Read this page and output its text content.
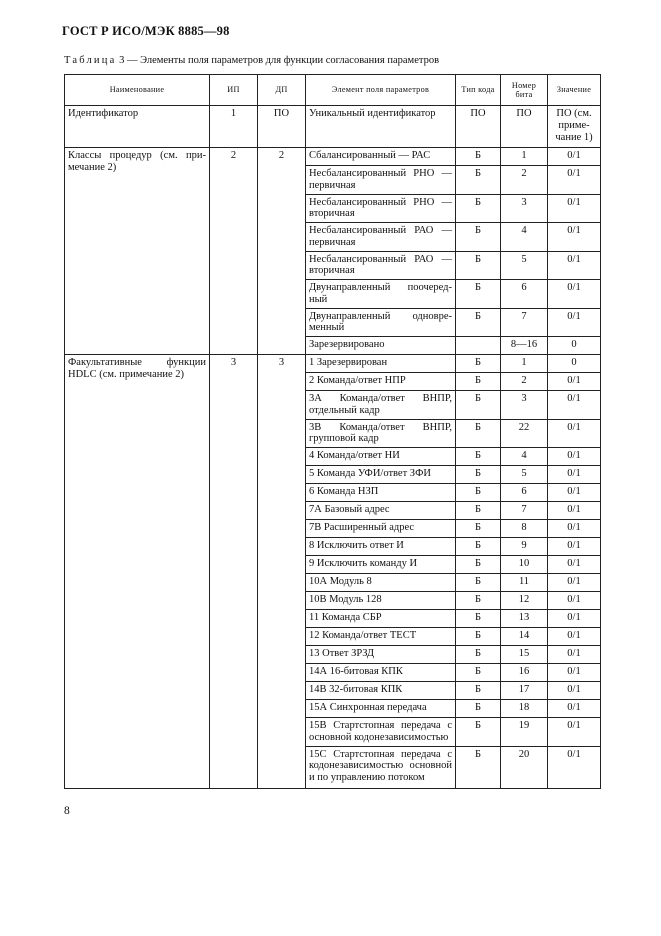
ГОСТ Р ИСО/МЭК 8885—98
Таблица 3 — Элементы поля параметров для функции согласования параметров
Наименование	ИП	ДП	Элемент поля параметров	Тип кода	Номер бита	Значение
Идентификатор	1	ПО	Уникальный идентификатор	ПО	ПО	ПО (см. примечание 1)
Классы процедур (см. примечание 2)	2	2	Сбалансированный — РАС	Б	1	0/1
			Несбалансированный РНО — первичная	Б	2	0/1
			Несбалансированный РНО — вторичная	Б	3	0/1
			Несбалансированный РАО — первичная	Б	4	0/1
			Несбалансированный РАО — вторичная	Б	5	0/1
			Двунаправленный поочередный	Б	6	0/1
			Двунаправленный одновременный	Б	7	0/1
			Зарезервировано		8—16	0
Факультативные функции HDLC (см. примечание 2)	3	3	1 Зарезервирован	Б	1	0
			2 Команда/ответ НПР	Б	2	0/1
			3А Команда/ответ ВНПР, отдельный кадр	Б	3	0/1
			3В Команда/ответ ВНПР, групповой кадр	Б	22	0/1
			4 Команда/ответ НИ	Б	4	0/1
			5 Команда УФИ/ответ ЗФИ	Б	5	0/1
			6 Команда НЗП	Б	6	0/1
			7А Базовый адрес	Б	7	0/1
			7В Расширенный адрес	Б	8	0/1
			8 Исключить ответ И	Б	9	0/1
			9 Исключить команду И	Б	10	0/1
			10А Модуль 8	Б	11	0/1
			10В Модуль 128	Б	12	0/1
			11 Команда СБР	Б	13	0/1
			12 Команда/ответ ТЕСТ	Б	14	0/1
			13 Ответ ЗРЗД	Б	15	0/1
			14А 16-битовая КПК	Б	16	0/1
			14В 32-битовая КПК	Б	17	0/1
			15А Синхронная передача	Б	18	0/1
			15В Стартстопная передача с основной кодонезависимостью	Б	19	0/1
			15С Стартстопная передача с кодонезависимостью основной и по управлению потоком	Б	20	0/1
8
